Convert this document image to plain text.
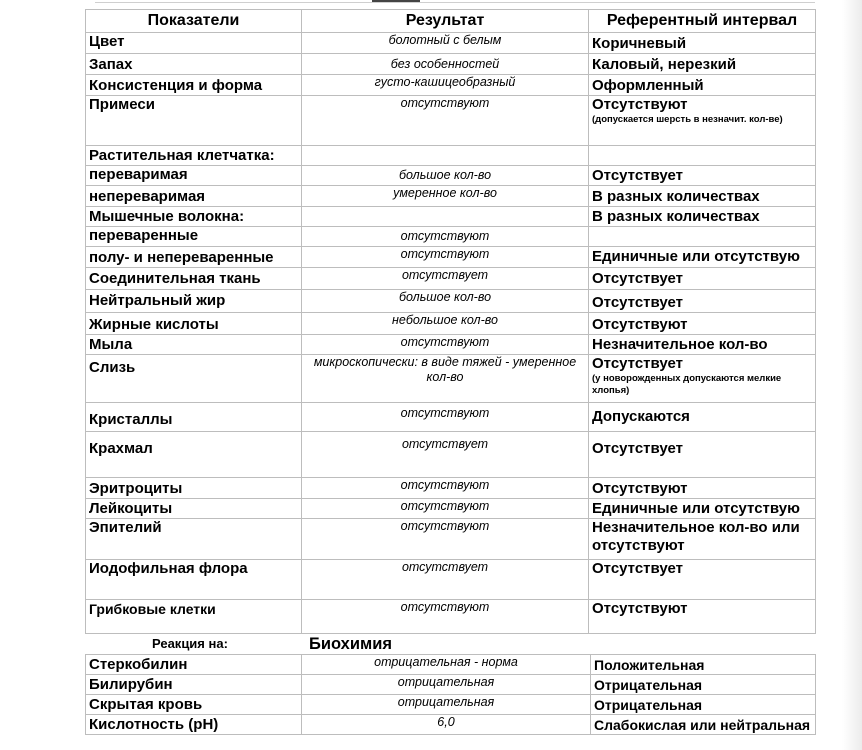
Показатели	Результат	Референтный интервал
Цвет	болотный с белым	Коричневый
Запах	без особенностей	Каловый, нерезкий
Консистенция и форма	густо-кашицеобразный	Оформленный
Примеси	отсутствуют	Отсутствуют
(допускается шерсть в незначит. кол-ве)

Растительная клетчатка:		
переваримая	большое кол-во	Отсутствует
непереваримая	умеренное кол-во	В разных количествах
Мышечные волокна:		В разных количествах
переваренные	отсутствуют	
полу- и непереваренные	отсутствуют	Единичные или отсутствую
Соединительная ткань	отсутствует	Отсутствует
Нейтральный жир	большое кол-во	Отсутствует
Жирные кислоты	небольшое кол-во	Отсутствуют
Мыла	отсутствуют	Незначительное кол-во
Слизь	микроскопически: в виде тяжей - умеренное кол-во	Отсутствует
(у новорожденных допускаются мелкие хлопья)

Кристаллы	отсутствуют	Допускаются
Крахмал	отсутствует	Отсутствует
Эритроциты	отсутствуют	Отсутствуют
Лейкоциты	отсутствуют	Единичные или отсутствую
Эпителий	отсутствуют	Незначительное кол-во или отсутствуют
Иодофильная флора	отсутствует	Отсутствует
Грибковые клетки	отсутствуют	Отсутствуют
Реакция на:	Биохимия
Стеркобилин	отрицательная - норма	Положительная
Билирубин	отрицательная	Отрицательная
Скрытая кровь	отрицательная	Отрицательная
Кислотность (pH)	6,0	Слабокислая или нейтральная
